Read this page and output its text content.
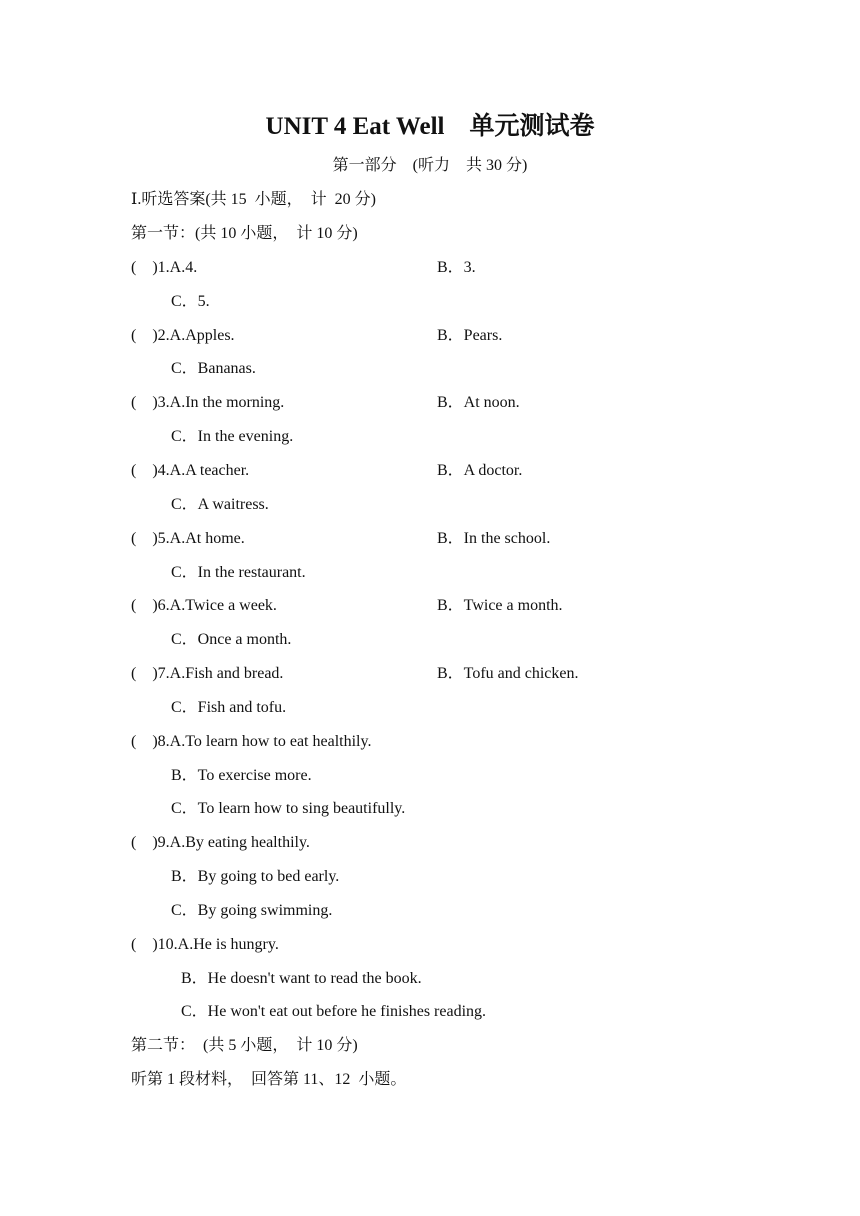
UNIT 4 Eat Well　单元测试卷
第一部分　(听力　共 30 分)
Ⅰ.听选答案(共 15  小题，  计  20 分)
第一节：(共 10 小题，  计 10 分)
(    )1.A.4.	B．3.
C．5.
(    )2.A.Apples.	B．Pears.
C．Bananas.
(    )3.A.In the morning.	B．At noon.
C．In the evening.
(    )4.A.A teacher.	B．A doctor.
C．A waitress.
(    )5.A.At home.	B．In the school.
C．In the restaurant.
(    )6.A.Twice a week.	B．Twice a month.
C．Once a month.
(    )7.A.Fish and bread.	B．Tofu and chicken.
C．Fish and tofu.
(    )8.A.To learn how to eat healthily.
B．To exercise more.
C．To learn how to sing beautifully.
(    )9.A.By eating healthily.
B．By going to bed early.
C．By going swimming.
(    )10.A.He is hungry.
B．He doesn't want to read the book.
C．He won't eat out before he finishes reading.
第二节：  (共 5 小题，  计 10 分)
听第 1 段材料，  回答第 11、12  小题。
